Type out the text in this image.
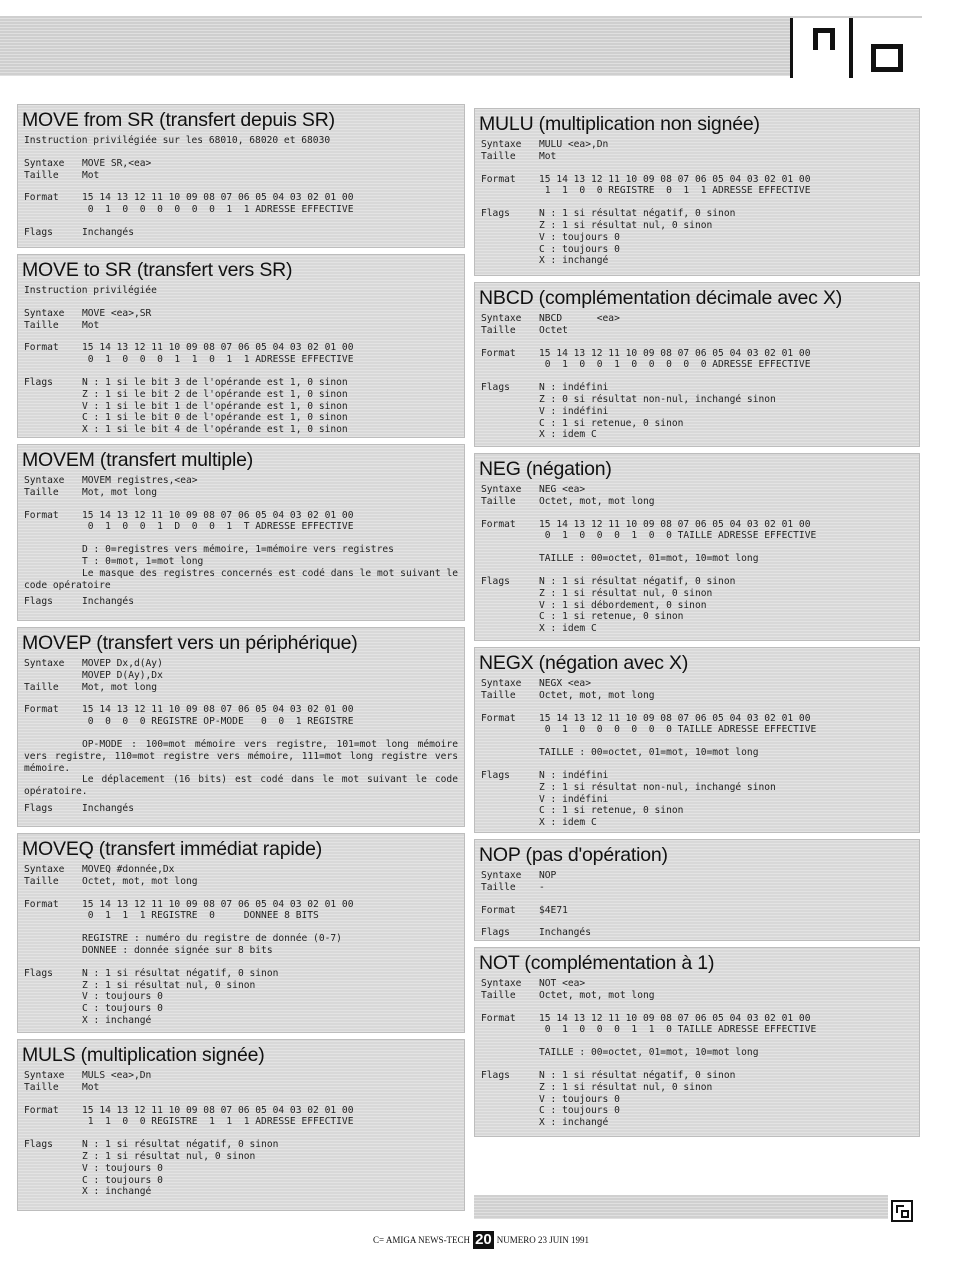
MOVE from SR (transfert depuis SR)
Instruction privilégiée sur les 68010, 68020 et 68030
Syntaxe	MOVE SR,<ea>
Taille	Mot
Format	15 14 13 12 11 10 09 08 07 06 05 04 03 02 01 00
0  1  0  0  0  0  0  0  1  1 ADRESSE EFFECTIVE
Flags	Inchangés
MOVE to SR (transfert vers SR)
Instruction privilégiée
Syntaxe	MOVE <ea>,SR
Taille	Mot
Format	15 14 13 12 11 10 09 08 07 06 05 04 03 02 01 00
0  1  0  0  0  1  1  0  1  1 ADRESSE EFFECTIVE
Flags	N : 1 si le bit 3 de l'opérande est 1, 0 sinon
Z : 1 si le bit 2 de l'opérande est 1, 0 sinon
V : 1 si le bit 1 de l'opérande est 1, 0 sinon
C : 1 si le bit 0 de l'opérande est 1, 0 sinon
X : 1 si le bit 4 de l'opérande est 1, 0 sinon
MOVEM (transfert multiple)
Syntaxe	MOVEM registres,<ea>
Taille	Mot, mot long
Format	15 14 13 12 11 10 09 08 07 06 05 04 03 02 01 00
0  1  0  0  1  D  0  0  1  T ADRESSE EFFECTIVE
D : 0=registres vers mémoire, 1=mémoire vers registres
T : 0=mot, 1=mot long
Le masque des registres concernés est codé dans le mot suivant le code opératoire
Flags	Inchangés
MOVEP (transfert vers un périphérique)
Syntaxe	MOVEP Dx,d(Ay)
MOVEP D(Ay),Dx
Taille	Mot, mot long
Format	15 14 13 12 11 10 09 08 07 06 05 04 03 02 01 00
0  0  0  0 REGISTRE OP-MODE   0  0  1 REGISTRE
OP-MODE : 100=mot mémoire vers registre, 101=mot long mémoire vers registre, 110=mot registre vers mémoire, 111=mot long registre vers mémoire.
Le déplacement (16 bits) est codé dans le mot suivant le code opératoire.
Flags	Inchangés
MOVEQ (transfert immédiat rapide)
Syntaxe	MOVEQ #donnée,Dx
Taille	Octet, mot, mot long
Format	15 14 13 12 11 10 09 08 07 06 05 04 03 02 01 00
0  1  1  1 REGISTRE  0     DONNEE 8 BITS
REGISTRE : numéro du registre de donnée (0-7)
DONNEE : donnée signée sur 8 bits
Flags	N : 1 si résultat négatif, 0 sinon
Z : 1 si résultat nul, 0 sinon
V : toujours 0
C : toujours 0
X : inchangé
MULS (multiplication signée)
Syntaxe	MULS <ea>,Dn
Taille	Mot
Format	15 14 13 12 11 10 09 08 07 06 05 04 03 02 01 00
1  1  0  0 REGISTRE  1  1  1 ADRESSE EFFECTIVE
Flags	N : 1 si résultat négatif, 0 sinon
Z : 1 si résultat nul, 0 sinon
V : toujours 0
C : toujours 0
X : inchangé
MULU (multiplication non signée)
Syntaxe	MULU <ea>,Dn
Taille	Mot
Format	15 14 13 12 11 10 09 08 07 06 05 04 03 02 01 00
1  1  0  0 REGISTRE  0  1  1 ADRESSE EFFECTIVE
Flags	N : 1 si résultat négatif, 0 sinon
Z : 1 si résultat nul, 0 sinon
V : toujours 0
C : toujours 0
X : inchangé
NBCD (complémentation décimale avec X)
Syntaxe	NBCD      <ea>
Taille	Octet
Format	15 14 13 12 11 10 09 08 07 06 05 04 03 02 01 00
0  1  0  0  1  0  0  0  0  0 ADRESSE EFFECTIVE
Flags	N : indéfini
Z : 0 si résultat non-nul, inchangé sinon
V : indéfini
C : 1 si retenue, 0 sinon
X : idem C
NEG (négation)
Syntaxe	NEG <ea>
Taille	Octet, mot, mot long
Format	15 14 13 12 11 10 09 08 07 06 05 04 03 02 01 00
0  1  0  0  0  1  0  0 TAILLE ADRESSE EFFECTIVE
TAILLE : 00=octet, 01=mot, 10=mot long
Flags	N : 1 si résultat négatif, 0 sinon
Z : 1 si résultat nul, 0 sinon
V : 1 si débordement, 0 sinon
C : 1 si retenue, 0 sinon
X : idem C
NEGX (négation avec X)
Syntaxe	NEGX <ea>
Taille	Octet, mot, mot long
Format	15 14 13 12 11 10 09 08 07 06 05 04 03 02 01 00
0  1  0  0  0  0  0  0 TAILLE ADRESSE EFFECTIVE
TAILLE : 00=octet, 01=mot, 10=mot long
Flags	N : indéfini
Z : 1 si résultat non-nul, inchangé sinon
V : indéfini
C : 1 si retenue, 0 sinon
X : idem C
NOP (pas d'opération)
Syntaxe	NOP
Taille	-
Format	$4E71
Flags	Inchangés
NOT (complémentation à 1)
Syntaxe	NOT <ea>
Taille	Octet, mot, mot long
Format	15 14 13 12 11 10 09 08 07 06 05 04 03 02 01 00
0  1  0  0  0  1  1  0 TAILLE ADRESSE EFFECTIVE
TAILLE : 00=octet, 01=mot, 10=mot long
Flags	N : 1 si résultat négatif, 0 sinon
Z : 1 si résultat nul, 0 sinon
V : toujours 0
C : toujours 0
X : inchangé
C= AMIGA NEWS-TECH 20 NUMERO 23 JUIN 1991
